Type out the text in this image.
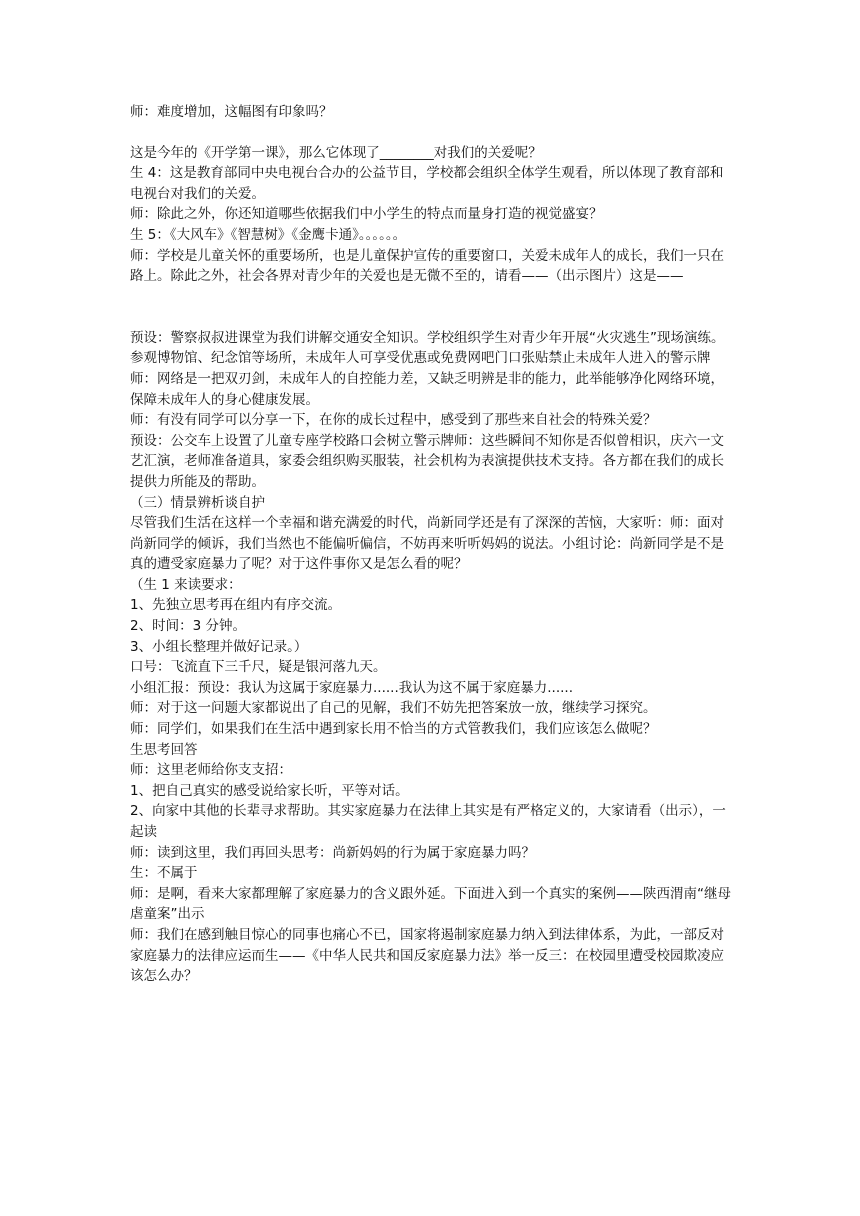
师：难度增加，这幅图有印象吗？

这是今年的《开学第一课》，那么它体现了________对我们的关爱呢？

生 4：这是教育部同中央电视台合办的公益节目，学校都会组织全体学生观看，所以体现了教育部和电视台对我们的关爱。

师：除此之外，你还知道哪些依据我们中小学生的特点而量身打造的视觉盛宴？

生 5：《大风车》《智慧树》《金鹰卡通》。。。。。。

师：学校是儿童关怀的重要场所，也是儿童保护宣传的重要窗口，关爱未成年人的成长，我们一只在路上。除此之外，社会各界对青少年的关爱也是无微不至的，请看——（出示图片）这是——

预设：警察叔叔进课堂为我们讲解交通安全知识。学校组织学生对青少年开展“火灾逃生”现场演练。参观博物馆、纪念馆等场所，未成年人可享受优惠或免费网吧门口张贴禁止未成年人进入的警示牌

师：网络是一把双刃剑，未成年人的自控能力差，又缺乏明辨是非的能力，此举能够净化网络环境，保障未成年人的身心健康发展。

师：有没有同学可以分享一下，在你的成长过程中，感受到了那些来自社会的特殊关爱？

预设：公交车上设置了儿童专座学校路口会树立警示牌师：这些瞬间不知你是否似曾相识，庆六一文艺汇演，老师准备道具，家委会组织购买服装，社会机构为表演提供技术支持。各方都在我们的成长提供力所能及的帮助。

（三）情景辨析谈自护

尽管我们生活在这样一个幸福和谐充满爱的时代，尚新同学还是有了深深的苦恼，大家听：师：面对尚新同学的倾诉，我们当然也不能偏听偏信，不妨再来听听妈妈的说法。小组讨论：尚新同学是不是真的遭受家庭暴力了呢？对于这件事你又是怎么看的呢？

（生 1 来读要求：

1、先独立思考再在组内有序交流。

2、时间：3 分钟。

3、小组长整理并做好记录。）

口号：飞流直下三千尺，疑是银河落九天。

小组汇报：预设：我认为这属于家庭暴力......我认为这不属于家庭暴力......

师：对于这一问题大家都说出了自己的见解，我们不妨先把答案放一放，继续学习探究。

师：同学们，如果我们在生活中遇到家长用不恰当的方式管教我们，我们应该怎么做呢？

生思考回答

师：这里老师给你支支招：

1、把自己真实的感受说给家长听，平等对话。

2、向家中其他的长辈寻求帮助。其实家庭暴力在法律上其实是有严格定义的，大家请看（出示），一起读

师：读到这里，我们再回头思考：尚新妈妈的行为属于家庭暴力吗？

生：不属于

师：是啊，看来大家都理解了家庭暴力的含义跟外延。下面进入到一个真实的案例——陕西渭南“继母虐童案”出示

师：我们在感到触目惊心的同事也痛心不已，国家将遏制家庭暴力纳入到法律体系，为此，一部反对家庭暴力的法律应运而生——《中华人民共和国反家庭暴力法》举一反三：在校园里遭受校园欺凌应该怎么办？
